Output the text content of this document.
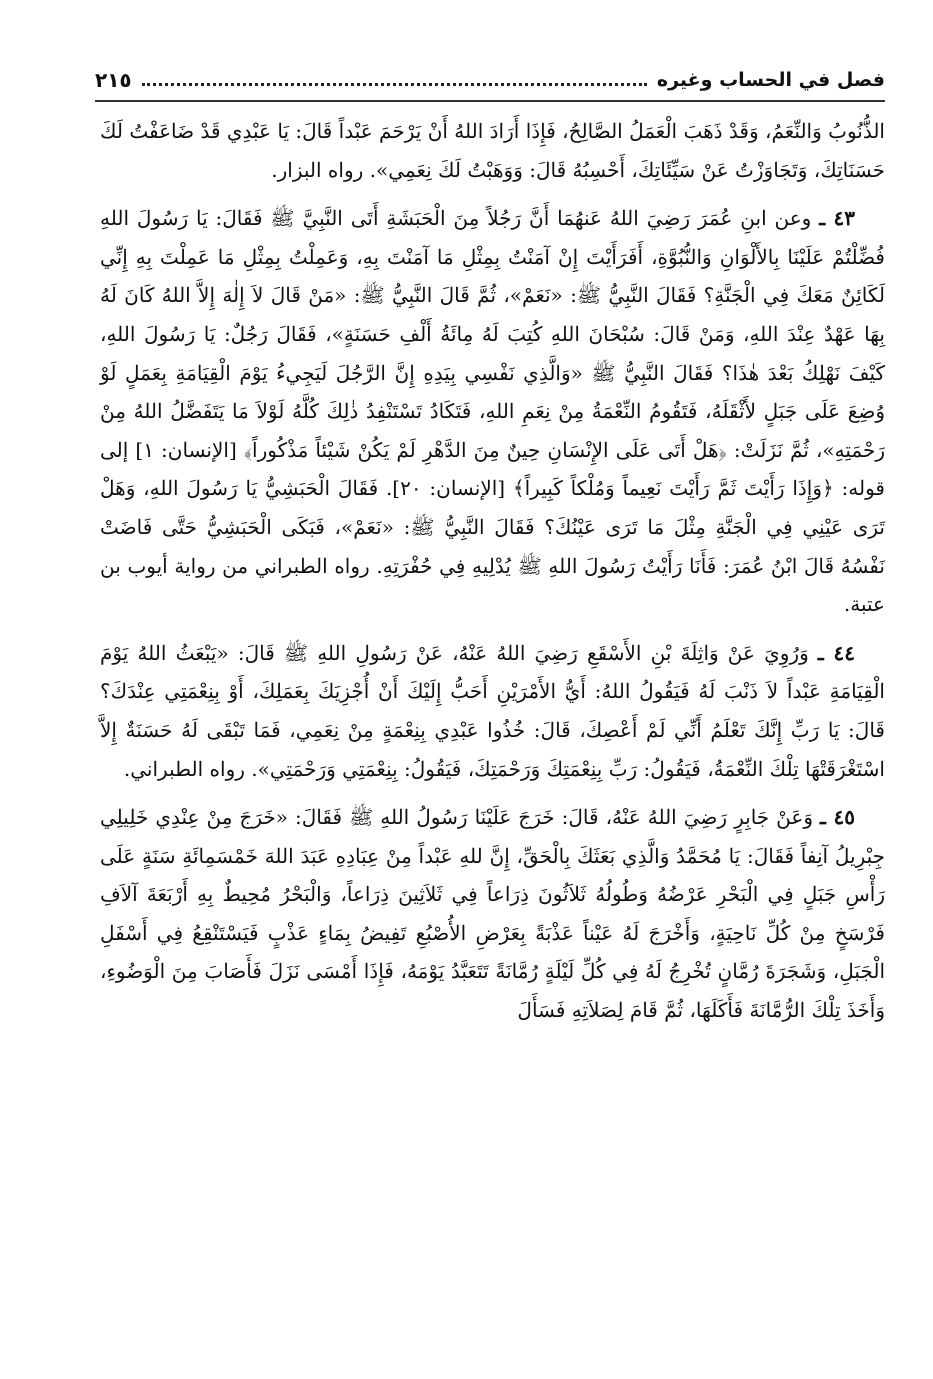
فصل في الحساب وغيره
٢١٥

الذُّنُوبُ وَالنِّعَمُ، وَقَدْ ذَهَبَ الْعَمَلُ الصَّالِحُ، فَإِذَا أَرَادَ اللهُ أَنْ يَرْحَمَ عَبْداً قَالَ: يَا عَبْدِي قَدْ ضَاعَفْتُ لَكَ حَسَنَاتِكَ، وَتَجَاوَزْتُ عَنْ سَيِّئَاتِكَ، أَحْسِبُهُ قَالَ: وَوَهَبْتُ لَكَ نِعَمِي». رواه البزار.

٤٣ ـ وعن ابنِ عُمَرَ رَضِيَ اللهُ عَنهُمَا أَنَّ رَجُلاً مِنَ الْحَبَشَةِ أَتَى النَّبِيَّ ﷺ فَقَالَ: يَا رَسُولَ اللهِ فُضِّلْتُمْ عَلَيْنَا بِالأَلْوَانِ وَالنُّبُوَّةِ، أَفَرَأَيْتَ إِنْ آمَنْتُ بِمِثْلِ مَا آمَنْتَ بِهِ، وَعَمِلْتُ بِمِثْلِ مَا عَمِلْتَ بِهِ إِنِّي لَكَائِنٌ مَعَكَ فِي الْجَنَّةِ؟ فَقَالَ النَّبِيُّ ﷺ: «نَعَمْ»، ثُمَّ قَالَ النَّبِيُّ ﷺ: «مَنْ قَالَ لاَ إِلٰهَ إِلاَّ اللهُ كَانَ لَهُ بِهَا عَهْدٌ عِنْدَ اللهِ، وَمَنْ قَالَ: سُبْحَانَ اللهِ كُتِبَ لَهُ مِائَةُ أَلْفِ حَسَنَةٍ»، فَقَالَ رَجُلٌ: يَا رَسُولَ اللهِ، كَيْفَ نَهْلِكُ بَعْدَ هٰذَا؟ فَقَالَ النَّبِيُّ ﷺ «وَالَّذِي نَفْسِي بِيَدِهِ إِنَّ الرَّجُلَ لَيَجِيءُ يَوْمَ الْقِيَامَةِ بِعَمَلٍ لَوْ وُضِعَ عَلَى جَبَلٍ لأَثْقَلَهُ، فَتَقُومُ النِّعْمَةُ مِنْ نِعَمِ اللهِ، فَتَكَادُ تَسْتَنْفِدُ ذٰلِكَ كُلَّهُ لَوْلاَ مَا يَتَفَضَّلُ اللهُ مِنْ رَحْمَتِهِ»، ثُمَّ نَزَلَتْ: ﴿هَلْ أَتَى عَلَى الإِنْسَانِ حِينٌ مِنَ الدَّهْرِ لَمْ يَكُنْ شَيْئاً مَذْكُوراً﴾ [الإنسان: ١] إلى قوله: ﴿وَإِذَا رَأَيْتَ ثَمَّ رَأَيْتَ نَعِيماً وَمُلْكاً كَبِيراً﴾ [الإنسان: ٢٠]. فَقَالَ الْحَبَشِيُّ يَا رَسُولَ اللهِ، وَهَلْ تَرَى عَيْنِي فِي الْجَنَّةِ مِثْلَ مَا تَرَى عَيْنُكَ؟ فَقَالَ النَّبِيُّ ﷺ: «نَعَمْ»، فَبَكَى الْحَبَشِيُّ حَتَّى فَاضَتْ نَفْسُهُ قَالَ ابْنُ عُمَرَ: فَأَنَا رَأَيْتُ رَسُولَ اللهِ ﷺ يُدْلِيهِ فِي حُفْرَتِهِ. رواه الطبراني من رواية أيوب بن عتبة.

٤٤ ـ وَرُوِيَ عَنْ وَاثِلَةَ بْنِ الأَسْقَعِ رَضِيَ اللهُ عَنْهُ، عَنْ رَسُولِ اللهِ ﷺ قَالَ: «يَبْعَثُ اللهُ يَوْمَ الْقِيَامَةِ عَبْداً لاَ ذَنْبَ لَهُ فَيَقُولُ اللهُ: أَيُّ الأَمْرَيْنِ أَحَبُّ إِلَيْكَ أَنْ أُجْزِيَكَ بِعَمَلِكَ، أَوْ بِنِعْمَتِي عِنْدَكَ؟ قَالَ: يَا رَبِّ إِنَّكَ تَعْلَمُ أَنِّي لَمْ أَعْصِكَ، قَالَ: خُذُوا عَبْدِي بِنِعْمَةٍ مِنْ نِعَمِي، فَمَا تَبْقَى لَهُ حَسَنَةٌ إِلاَّ اسْتَغْرَقَتْهَا تِلْكَ النِّعْمَةُ، فَيَقُولُ: رَبِّ بِنِعْمَتِكَ وَرَحْمَتِكَ، فَيَقُولُ: بِنِعْمَتِي وَرَحْمَتِي». رواه الطبراني.

٤٥ ـ وَعَنْ جَابِرٍ رَضِيَ اللهُ عَنْهُ، قَالَ: خَرَجَ عَلَيْنَا رَسُولُ اللهِ ﷺ فَقَالَ: «خَرَجَ مِنْ عِنْدِي خَلِيلِي جِبْرِيلُ آنِفاً فَقَالَ: يَا مُحَمَّدُ وَالَّذِي بَعَثَكَ بِالْحَقِّ، إِنَّ للهِ عَبْداً مِنْ عِبَادِهِ عَبَدَ اللهَ خَمْسَمِائَةِ سَنَةٍ عَلَى رَأْسِ جَبَلٍ فِي الْبَحْرِ عَرْضُهُ وَطُولُهُ ثَلاَثُونَ ذِرَاعاً فِي ثَلاَثِينَ ذِرَاعاً، وَالْبَحْرُ مُحِيطٌ بِهِ أَرْبَعَةَ آلاَفِ فَرْسَخٍ مِنْ كُلِّ نَاحِيَةٍ، وَأَخْرَجَ لَهُ عَيْناً عَذْبَةً بِعَرْضِ الأُصْبُعِ تَفِيضُ بِمَاءٍ عَذْبٍ فَيَسْتَنْقِعُ فِي أَسْفَلِ الْجَبَلِ، وَشَجَرَةَ رُمَّانٍ تُخْرِجُ لَهُ فِي كُلِّ لَيْلَةٍ رُمَّانَةً تَتَعَبَّدُ يَوْمَهُ، فَإِذَا أَمْسَى نَزَلَ فَأَصَابَ مِنَ الْوَضُوءِ، وَأَخَذَ تِلْكَ الرُّمَّانَةَ فَأَكَلَهَا، ثُمَّ قَامَ لِصَلاَتِهِ فَسَأَلَ
